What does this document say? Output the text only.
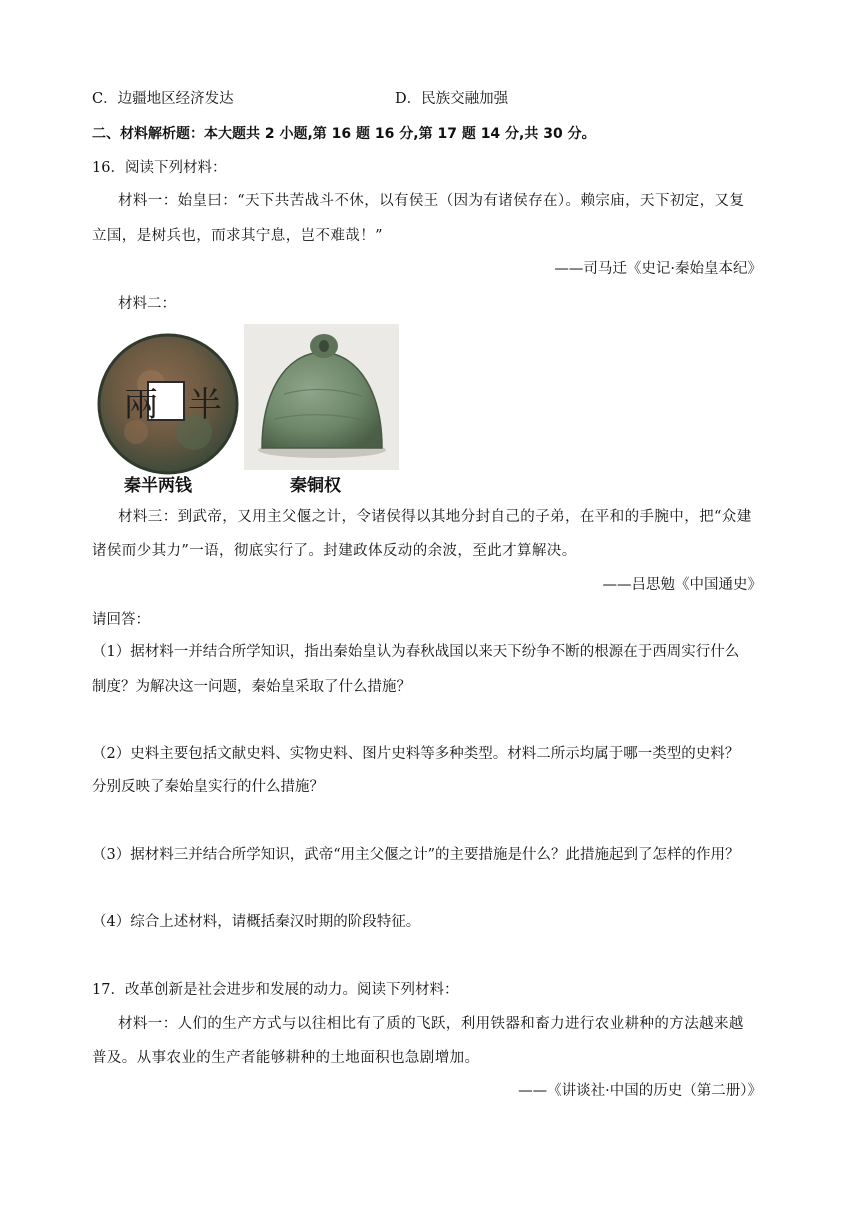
C．边疆地区经济发达	D．民族交融加强
二、材料解析题：本大题共 2 小题,第 16 题 16 分,第 17 题 14 分,共 30 分。
16．阅读下列材料：
材料一：始皇曰：“天下共苦战斗不休，以有侯王（因为有诸侯存在）。赖宗庙，天下初定，又复
立国，是树兵也，而求其宁息，岂不难哉！”
——司马迁《史记·秦始皇本纪》
材料二：
兩 半
秦半两钱	秦铜权
材料三：到武帝，又用主父偃之计，令诸侯得以其地分封自己的子弟，在平和的手腕中，把“众建
诸侯而少其力”一语，彻底实行了。封建政体反动的余波，至此才算解决。
——吕思勉《中国通史》
请回答：
（1）据材料一并结合所学知识，指出秦始皇认为春秋战国以来天下纷争不断的根源在于西周实行什么
制度？为解决这一问题，秦始皇采取了什么措施？
（2）史料主要包括文献史料、实物史料、图片史料等多种类型。材料二所示均属于哪一类型的史料？
分别反映了秦始皇实行的什么措施？
（3）据材料三并结合所学知识，武帝“用主父偃之计”的主要措施是什么？此措施起到了怎样的作用？
（4）综合上述材料，请概括秦汉时期的阶段特征。
17．改革创新是社会进步和发展的动力。阅读下列材料：
材料一：人们的生产方式与以往相比有了质的飞跃，利用铁器和畜力进行农业耕种的方法越来越
普及。从事农业的生产者能够耕种的土地面积也急剧增加。
——《讲谈社·中国的历史（第二册）》
